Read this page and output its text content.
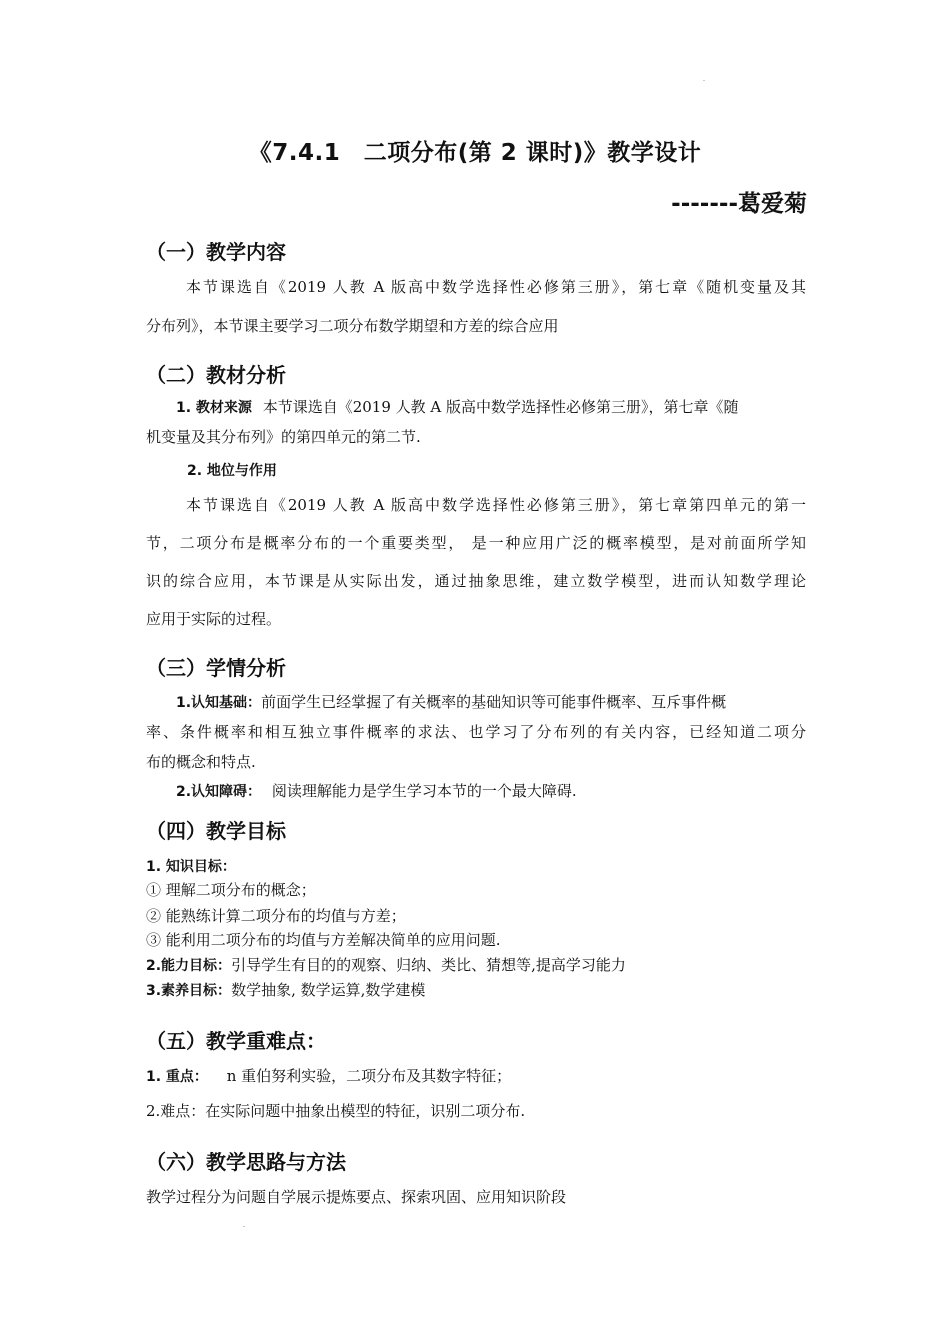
《7.4.1　二项分布(第 2 课时)》教学设计
-------葛爱菊
（一）教学内容

本节课选自《2019 人教 A 版高中数学选择性必修第三册》，第七章《随机变量及其

分布列》，本节课主要学习二项分布数学期望和方差的综合应用

（二）教材分析
1. 教材来源 本节课选自《2019 人教 A 版高中数学选择性必修第三册》，第七章《随

机变量及其分布列》的第四单元的第二节.

2. 地位与作用

本节课选自《2019 人教 A 版高中数学选择性必修第三册》，第七章第四单元的第一

节，二项分布是概率分布的一个重要类型， 是一种应用广泛的概率模型，是对前面所学知

识的综合应用，本节课是从实际出发，通过抽象思维，建立数学模型，进而认知数学理论

应用于实际的过程。

（三）学情分析
1.认知基础：前面学生已经掌握了有关概率的基础知识等可能事件概率、互斥事件概

率、条件概率和相互独立事件概率的求法、也学习了分布列的有关内容，已经知道二项分

布的概念和特点.

2.认知障碍： 阅读理解能力是学生学习本节的一个最大障碍.
（四）教学目标
1. 知识目标：

① 理解二项分布的概念；

② 能熟练计算二项分布的均值与方差；

③ 能利用二项分布的均值与方差解决简单的应用问题.

2.能力目标：引导学生有目的的观察、归纳、类比、猜想等,提高学习能力
3.素养目标：数学抽象, 数学运算,数学建模
（五）教学重难点：
1. 重点： n 重伯努利实验，二项分布及其数字特征；

2.难点：在实际问题中抽象出模型的特征，识别二项分布.

（六）教学思路与方法

教学过程分为问题自学展示提炼要点、探索巩固、应用知识阶段
